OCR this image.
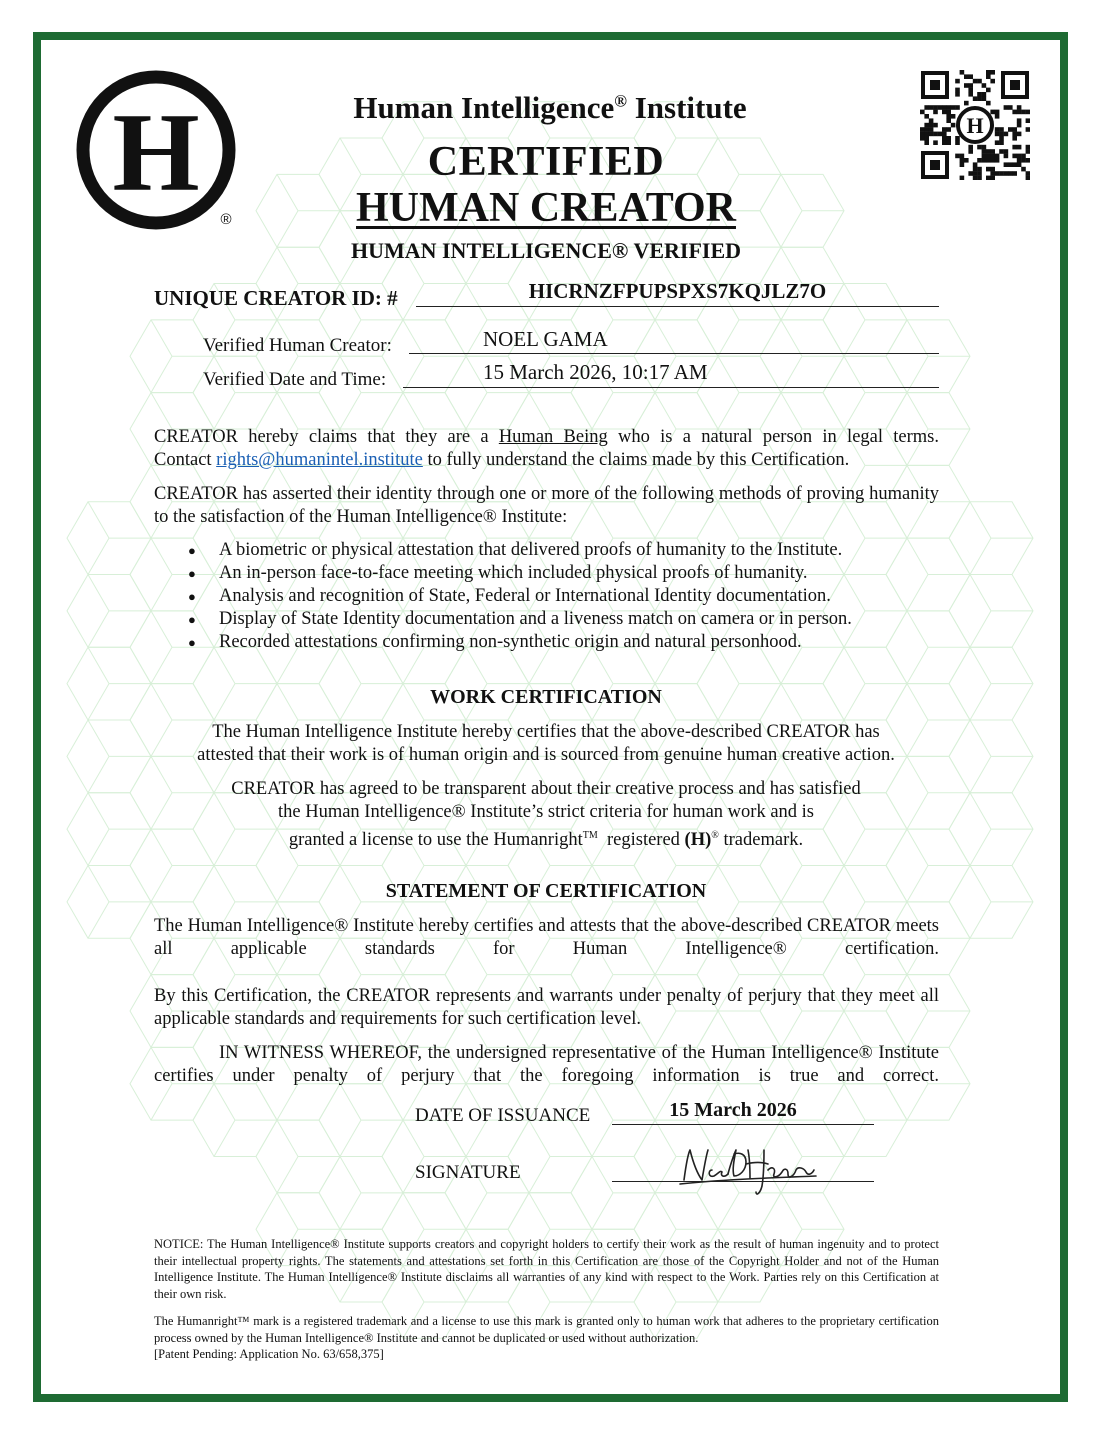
H
®
H
Human Intelligence® Institute
CERTIFIED
HUMAN CREATOR
HUMAN INTELLIGENCE® VERIFIED
UNIQUE CREATOR ID: #	HICRNZFPUPSPXS7KQJLZ7O
Verified Human Creator:	NOEL GAMA
Verified Date and Time:	15 March 2026, 10:17 AM
CREATOR hereby claims that they are a Human Being who is a natural person in legal terms.
Contact rights@humanintel.institute to fully understand the claims made by this Certification.
CREATOR has asserted their identity through one or more of the following methods of proving humanity to the satisfaction of the Human Intelligence® Institute:
● A biometric or physical attestation that delivered proofs of humanity to the Institute.
● An in-person face-to-face meeting which included physical proofs of humanity.
● Analysis and recognition of State, Federal or International Identity documentation.
● Display of State Identity documentation and a liveness match on camera or in person.
● Recorded attestations confirming non-synthetic origin and natural personhood.
WORK CERTIFICATION
The Human Intelligence Institute hereby certifies that the above-described CREATOR has
attested that their work is of human origin and is sourced from genuine human creative action.
CREATOR has agreed to be transparent about their creative process and has satisfied
the Human Intelligence® Institute’s strict criteria for human work and is
granted a license to use the Humanright™  registered (H)® trademark.
STATEMENT OF CERTIFICATION
The Human Intelligence® Institute hereby certifies and attests that the above-described CREATOR meets all applicable standards for Human Intelligence® certification.
By this Certification, the CREATOR represents and warrants under penalty of perjury that they meet all applicable standards and requirements for such certification level.
IN WITNESS WHEREOF, the undersigned representative of the Human Intelligence® Institute certifies under penalty of perjury that the foregoing information is true and correct.
DATE OF ISSUANCE	15 March 2026
SIGNATURE
NOTICE: The Human Intelligence® Institute supports creators and copyright holders to certify their work as the result of human ingenuity and to protect their intellectual property rights. The statements and attestations set forth in this Certification are those of the Copyright Holder and not of the Human Intelligence Institute. The Human Intelligence® Institute disclaims all warranties of any kind with respect to the Work. Parties rely on this Certification at their own risk.
The Humanright™ mark is a registered trademark and a license to use this mark is granted only to human work that adheres to the proprietary certification process owned by the Human Intelligence® Institute and cannot be duplicated or used without authorization.
[Patent Pending: Application No. 63/658,375]
